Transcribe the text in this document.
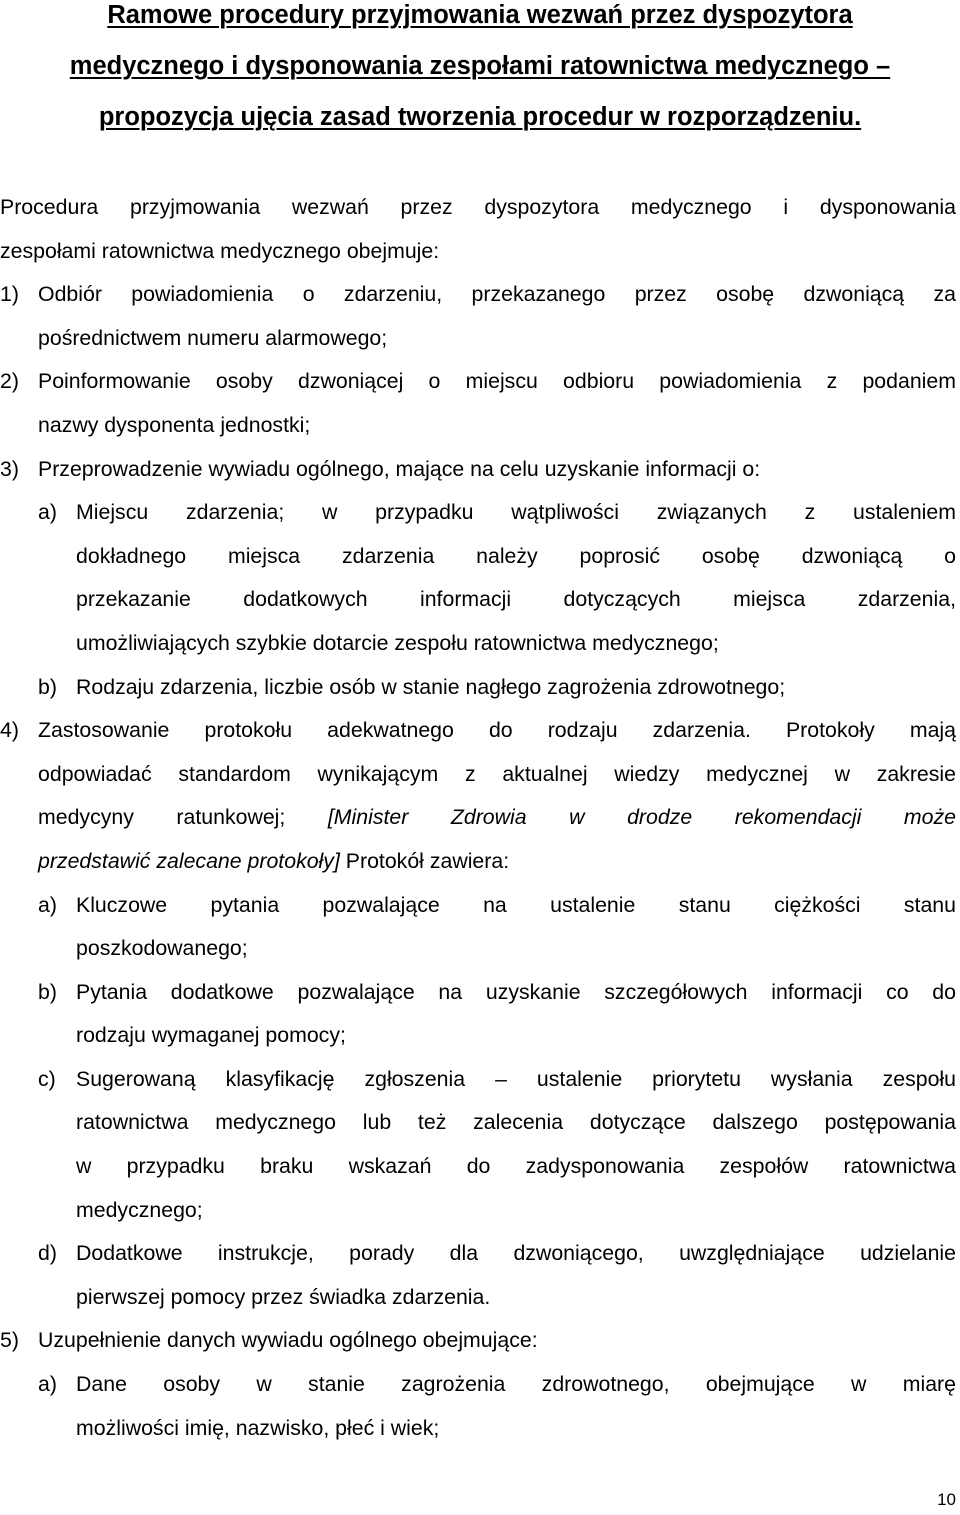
Ramowe procedury przyjmowania wezwań przez dyspozytora
medycznego i dysponowania zespołami ratownictwa medycznego –
propozycja ujęcia zasad tworzenia procedur w rozporządzeniu.
Procedura przyjmowania wezwań przez dyspozytora medycznego i dysponowania
zespołami ratownictwa medycznego obejmuje:
1) Odbiór powiadomienia o zdarzeniu, przekazanego przez osobę dzwoniącą za
pośrednictwem numeru alarmowego;
2) Poinformowanie osoby dzwoniącej o miejscu odbioru powiadomienia z podaniem
nazwy dysponenta jednostki;
3) Przeprowadzenie wywiadu ogólnego, mające na celu uzyskanie informacji o:
a) Miejscu zdarzenia; w przypadku wątpliwości związanych z ustaleniem
dokładnego miejsca zdarzenia należy poprosić osobę dzwoniącą o
przekazanie dodatkowych informacji dotyczących miejsca zdarzenia,
umożliwiających szybkie dotarcie zespołu ratownictwa medycznego;
b) Rodzaju zdarzenia, liczbie osób w stanie nagłego zagrożenia zdrowotnego;
4) Zastosowanie protokołu adekwatnego do rodzaju zdarzenia. Protokoły mają
odpowiadać standardom wynikającym z aktualnej wiedzy medycznej w zakresie
medycyny ratunkowej; [Minister Zdrowia w drodze rekomendacji może
przedstawić zalecane protokoły] Protokół zawiera:
a) Kluczowe pytania pozwalające na ustalenie stanu ciężkości stanu
poszkodowanego;
b) Pytania dodatkowe pozwalające na uzyskanie szczegółowych informacji co do
rodzaju wymaganej pomocy;
c) Sugerowaną klasyfikację zgłoszenia – ustalenie priorytetu wysłania zespołu
ratownictwa medycznego lub też zalecenia dotyczące dalszego postępowania
w przypadku braku wskazań do zadysponowania zespołów ratownictwa
medycznego;
d) Dodatkowe instrukcje, porady dla dzwoniącego, uwzględniające udzielanie
pierwszej pomocy przez świadka zdarzenia.
5) Uzupełnienie danych wywiadu ogólnego obejmujące:
a) Dane osoby w stanie zagrożenia zdrowotnego, obejmujące w miarę
możliwości imię, nazwisko, płeć i wiek;
10
